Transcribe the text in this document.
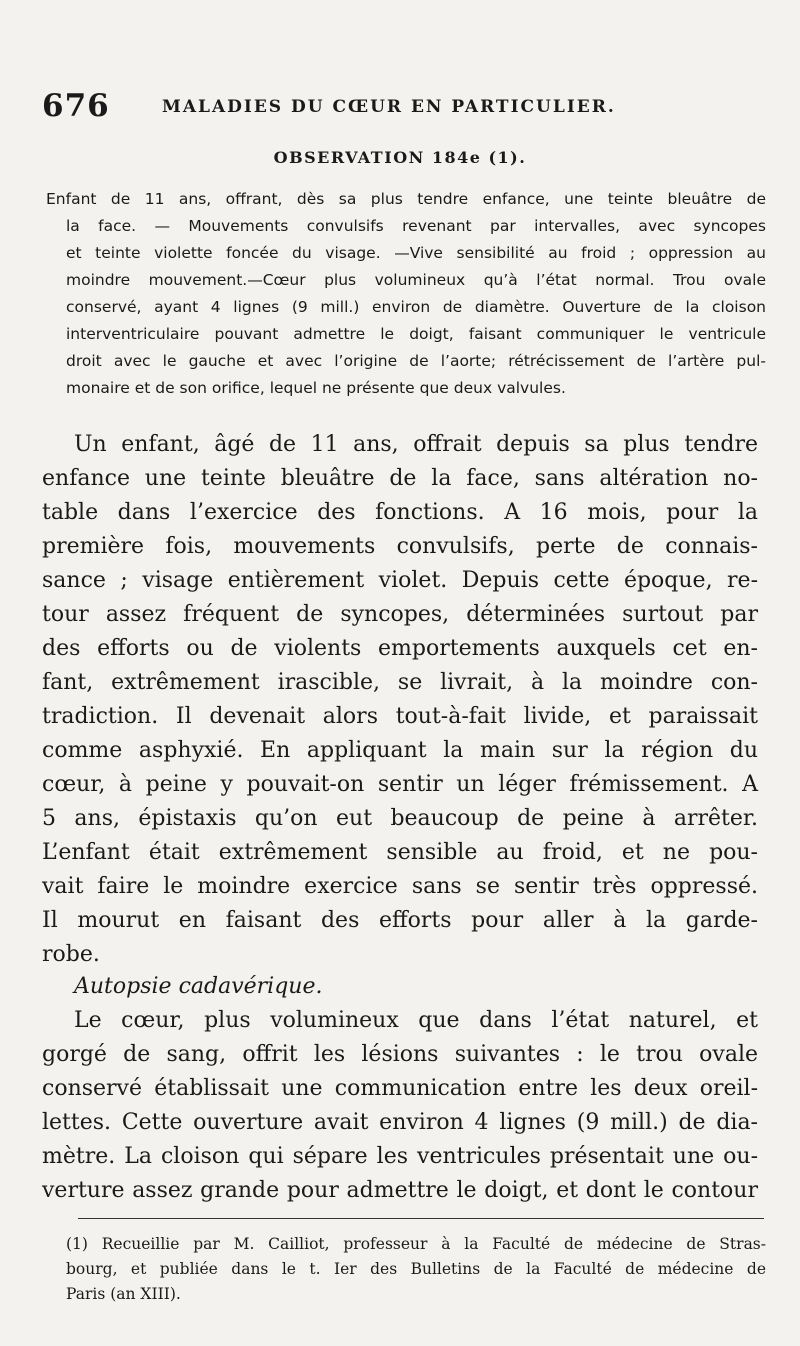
676	MALADIES DU CŒUR EN PARTICULIER.
OBSERVATION 184e (1).
Enfant de 11 ans, offrant, dès sa plus tendre enfance, une teinte bleuâtre de
la face. — Mouvements convulsifs revenant par intervalles, avec syncopes
et teinte violette foncée du visage. —Vive sensibilité au froid ; oppression au
moindre mouvement.—Cœur plus volumineux qu’à l’état normal. Trou ovale
conservé, ayant 4 lignes (9 mill.) environ de diamètre. Ouverture de la cloison
interventriculaire pouvant admettre le doigt, faisant communiquer le ventricule
droit avec le gauche et avec l’origine de l’aorte; rétrécissement de l’artère pul-
monaire et de son orifice, lequel ne présente que deux valvules.
Un enfant, âgé de 11 ans, offrait depuis sa plus tendre
enfance une teinte bleuâtre de la face, sans altération no-
table dans l’exercice des fonctions. A 16 mois, pour la
première fois, mouvements convulsifs, perte de connais-
sance ; visage entièrement violet. Depuis cette époque, re-
tour assez fréquent de syncopes, déterminées surtout par
des efforts ou de violents emportements auxquels cet en-
fant, extrêmement irascible, se livrait, à la moindre con-
tradiction. Il devenait alors tout-à-fait livide, et paraissait
comme asphyxié. En appliquant la main sur la région du
cœur, à peine y pouvait-on sentir un léger frémissement. A
5 ans, épistaxis qu’on eut beaucoup de peine à arrêter.
L’enfant était extrêmement sensible au froid, et ne pou-
vait faire le moindre exercice sans se sentir très oppressé.
Il mourut en faisant des efforts pour aller à la garde-
robe.
Autopsie cadavérique.
Le cœur, plus volumineux que dans l’état naturel, et
gorgé de sang, offrit les lésions suivantes : le trou ovale
conservé établissait une communication entre les deux oreil-
lettes. Cette ouverture avait environ 4 lignes (9 mill.) de dia-
mètre. La cloison qui sépare les ventricules présentait une ou-
verture assez grande pour admettre le doigt, et dont le contour
(1) Recueillie par M. Cailliot, professeur à la Faculté de médecine de Stras-
bourg, et publiée dans le t. Ier des Bulletins de la Faculté de médecine de
Paris (an XIII).
